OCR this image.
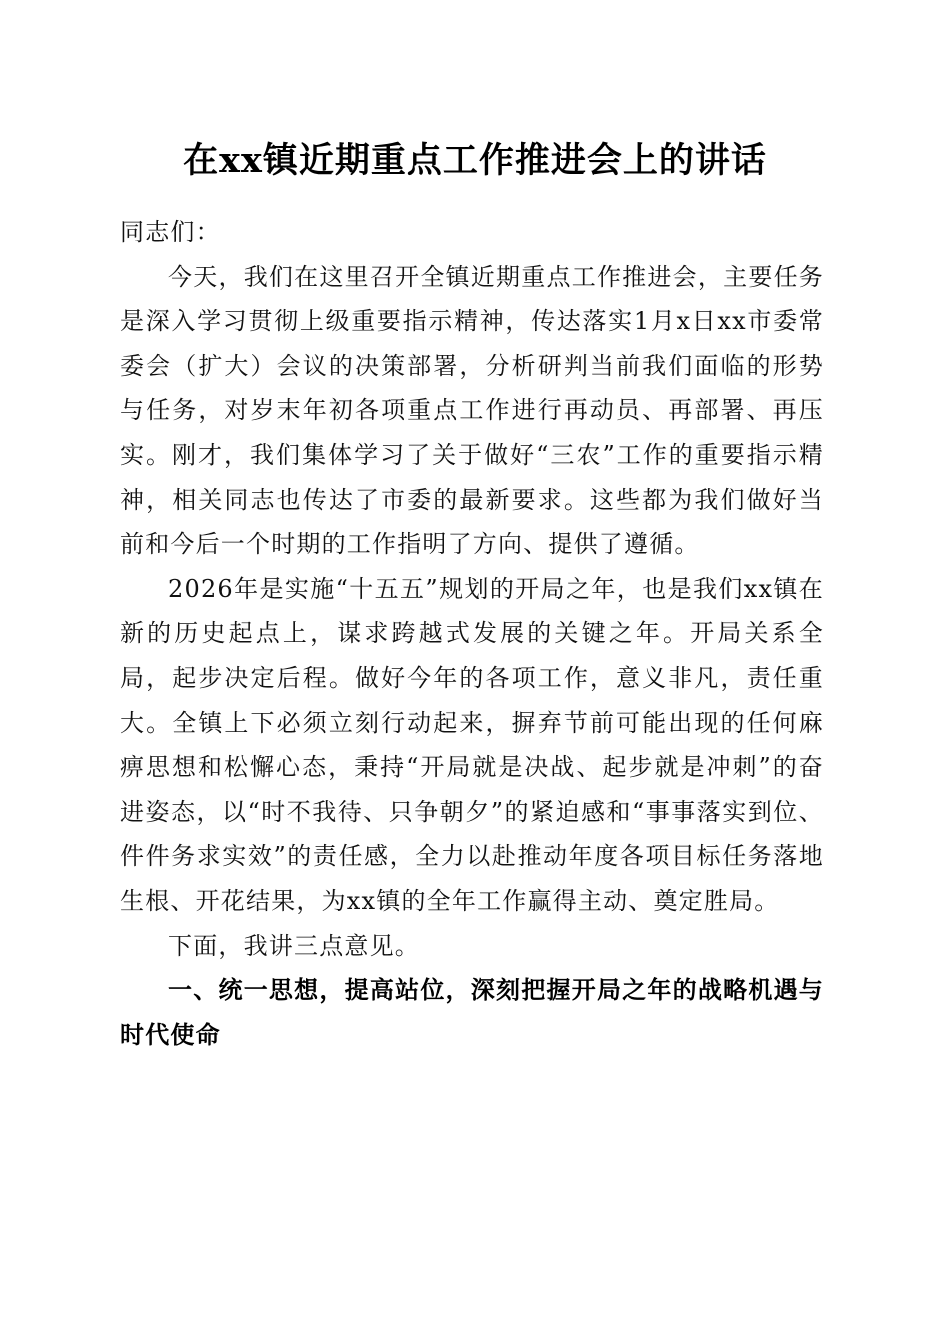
在xx镇近期重点工作推进会上的讲话

同志们：

今天，我们在这里召开全镇近期重点工作推进会，主要任务是深入学习贯彻上级重要指示精神，传达落实1月x日xx市委常委会（扩大）会议的决策部署，分析研判当前我们面临的形势与任务，对岁末年初各项重点工作进行再动员、再部署、再压实。刚才，我们集体学习了关于做好“三农”工作的重要指示精神，相关同志也传达了市委的最新要求。这些都为我们做好当前和今后一个时期的工作指明了方向、提供了遵循。

2026年是实施“十五五”规划的开局之年，也是我们xx镇在新的历史起点上，谋求跨越式发展的关键之年。开局关系全局，起步决定后程。做好今年的各项工作，意义非凡，责任重大。全镇上下必须立刻行动起来，摒弃节前可能出现的任何麻痹思想和松懈心态，秉持“开局就是决战、起步就是冲刺”的奋进姿态，以“时不我待、只争朝夕”的紧迫感和“事事落实到位、件件务求实效”的责任感，全力以赴推动年度各项目标任务落地生根、开花结果，为xx镇的全年工作赢得主动、奠定胜局。

下面，我讲三点意见。

一、统一思想，提高站位，深刻把握开局之年的战略机遇与时代使命
